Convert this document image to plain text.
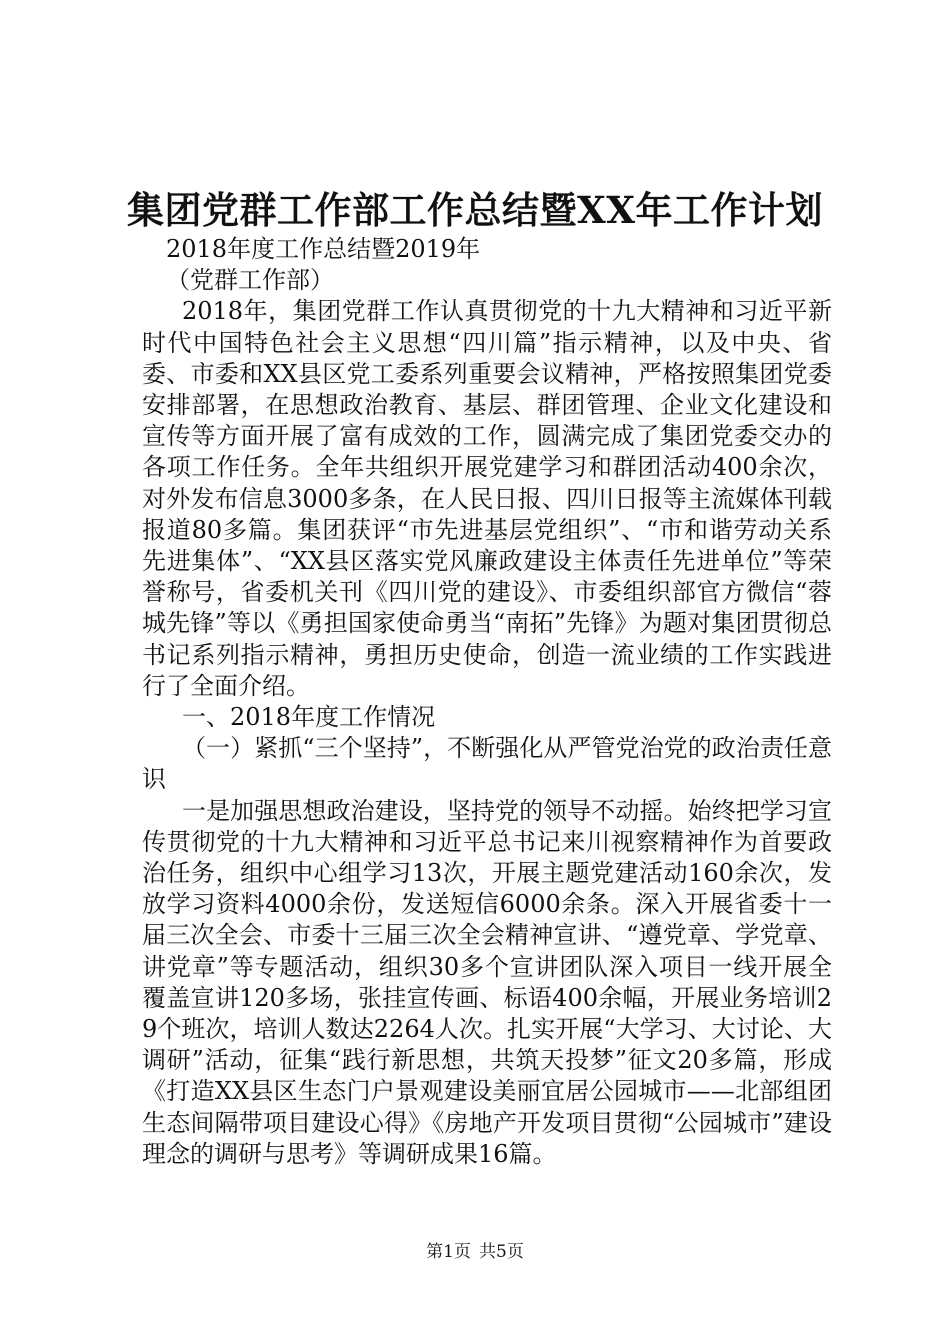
集团党群工作部工作总结暨XX年工作计划

2018年度工作总结暨2019年

（党群工作部）

2018年，集团党群工作认真贯彻党的十九大精神和习近平新时代中国特色社会主义思想“四川篇”指示精神，以及中央、省委、市委和XX县区党工委系列重要会议精神，严格按照集团党委安排部署，在思想政治教育、基层、群团管理、企业文化建设和宣传等方面开展了富有成效的工作，圆满完成了集团党委交办的各项工作任务。全年共组织开展党建学习和群团活动400余次，对外发布信息3000多条，在人民日报、四川日报等主流媒体刊载报道80多篇。集团获评“市先进基层党组织”、“市和谐劳动关系先进集体”、“XX县区落实党风廉政建设主体责任先进单位”等荣誉称号，省委机关刊《四川党的建设》、市委组织部官方微信“蓉城先锋”等以《勇担国家使命勇当“南拓”先锋》为题对集团贯彻总书记系列指示精神，勇担历史使命，创造一流业绩的工作实践进行了全面介绍。

一、2018年度工作情况

（一）紧抓“三个坚持”，不断强化从严管党治党的政治责任意识

一是加强思想政治建设，坚持党的领导不动摇。始终把学习宣传贯彻党的十九大精神和习近平总书记来川视察精神作为首要政治任务，组织中心组学习13次，开展主题党建活动160余次，发放学习资料4000余份，发送短信6000余条。深入开展省委十一届三次全会、市委十三届三次全会精神宣讲、“遵党章、学党章、讲党章”等专题活动，组织30多个宣讲团队深入项目一线开展全覆盖宣讲120多场，张挂宣传画、标语400余幅，开展业务培训29个班次，培训人数达2264人次。扎实开展“大学习、大讨论、大调研”活动，征集“践行新思想，共筑天投梦”征文20多篇，形成《打造XX县区生态门户景观建设美丽宜居公园城市——北部组团生态间隔带项目建设心得》《房地产开发项目贯彻“公园城市”建设理念的调研与思考》等调研成果16篇。

第1页 共5页
